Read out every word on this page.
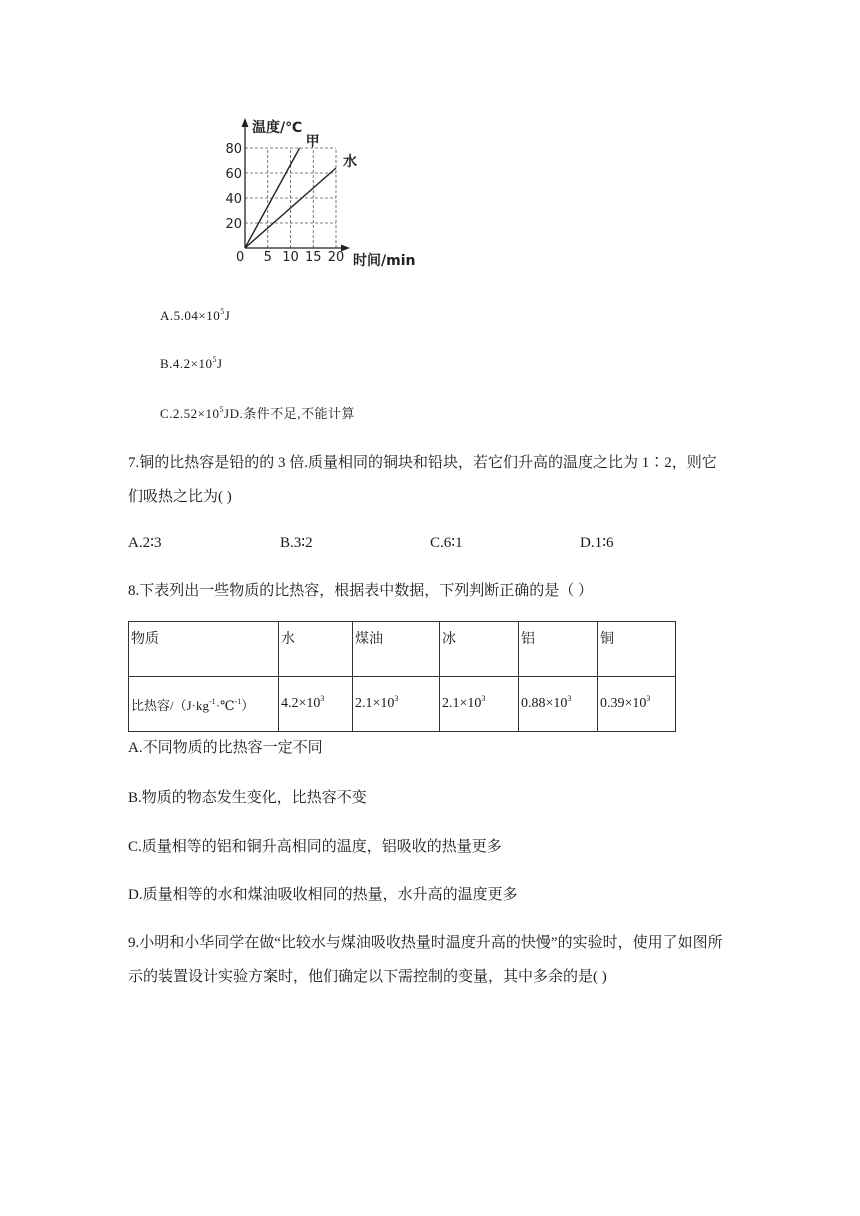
温度/℃
时间/min
0 5 10 15 20
20
40
60
80	甲
水
$A.5.04\times 10^5J$
$B.4.2\times 10^5J$
$C.2.52\times 10^5JD$.条件不足,不能计算
7.铜的比热容是铅的的 3 倍.质量相同的铜块和铅块，若它们升高的温度之比为 1∶2，则它
们吸热之比为( )
A.2∶3	B.3∶2	C.6∶1	D.1∶6
8.下表列出一些物质的比热容，根据表中数据，下列判断正确的是（ ）
物质	水	煤油	冰	铝	铜
比热容$/(J\cdot kg^{-1}\cdot℃^{-1})$	$4.2\times 10^3$	$2.1\times 10^3$	$2.1\times 10^3$	$0.88\times 10^3$	$0.39\times 10^3$
A.不同物质的比热容一定不同
B.物质的物态发生变化，比热容不变
C.质量相等的铝和铜升高相同的温度，铝吸收的热量更多
D.质量相等的水和煤油吸收相同的热量，水升高的温度更多
9.小明和小华同学在做“比较水与煤油吸收热量时温度升高的快慢”的实验时，使用了如图所
示的装置设计实验方案时，他们确定以下需控制的变量，其中多余的是( )
